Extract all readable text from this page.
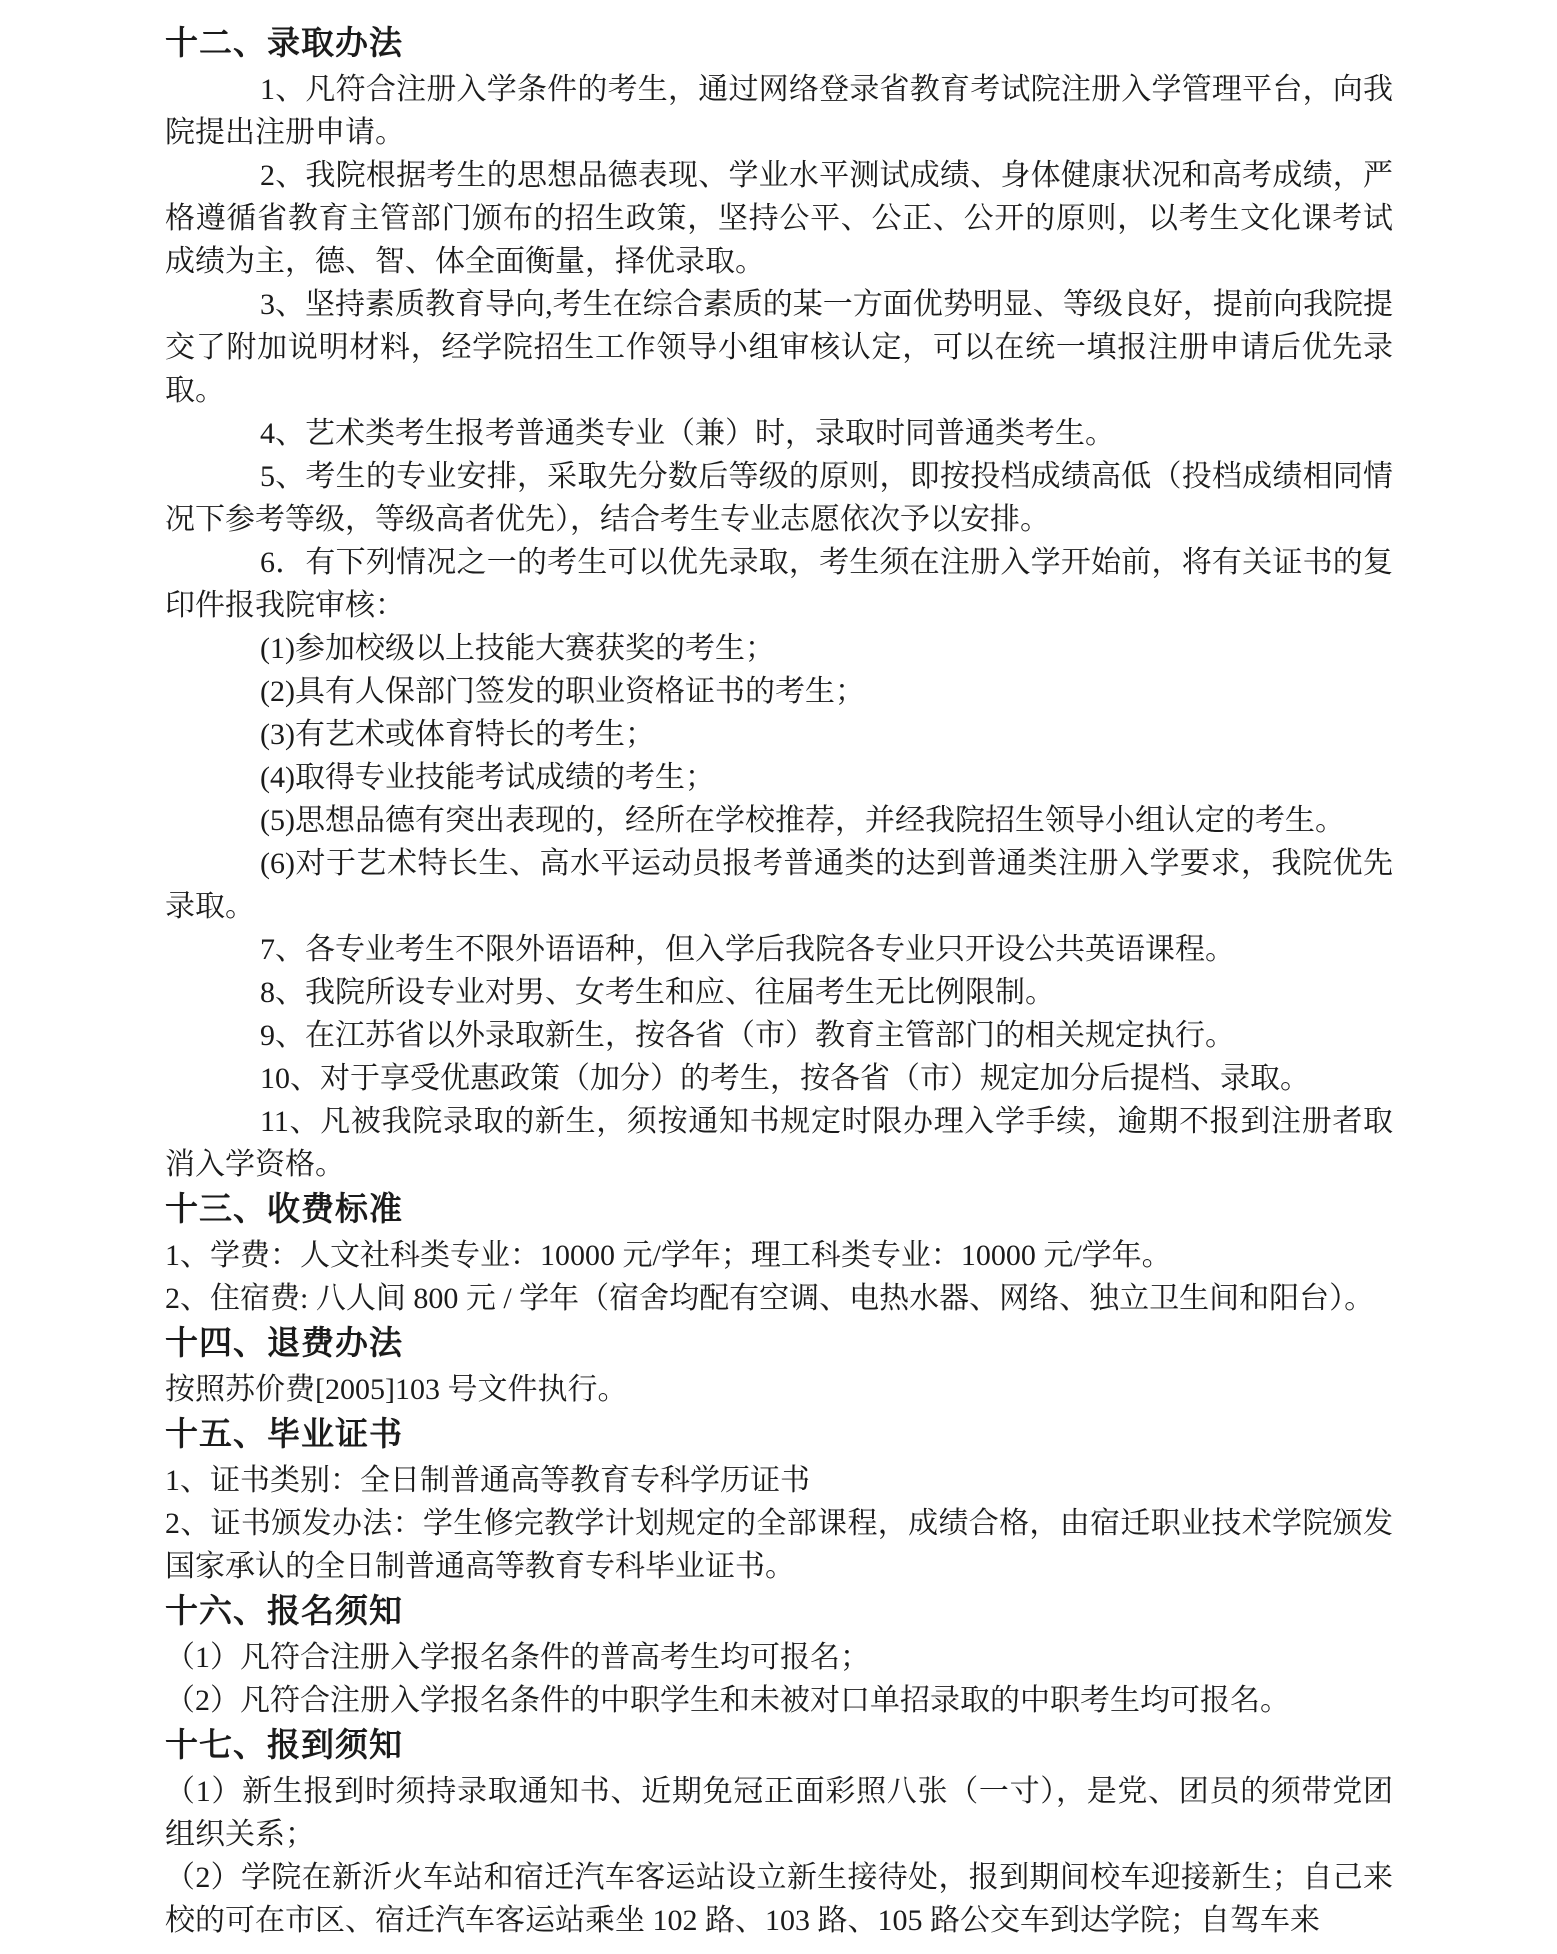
十二、录取办法

1、凡符合注册入学条件的考生，通过网络登录省教育考试院注册入学管理平台，向我院提出注册申请。

2、我院根据考生的思想品德表现、学业水平测试成绩、身体健康状况和高考成绩，严格遵循省教育主管部门颁布的招生政策，坚持公平、公正、公开的原则，以考生文化课考试成绩为主，德、智、体全面衡量，择优录取。

3、坚持素质教育导向,考生在综合素质的某一方面优势明显、等级良好，提前向我院提交了附加说明材料，经学院招生工作领导小组审核认定，可以在统一填报注册申请后优先录取。

4、艺术类考生报考普通类专业（兼）时，录取时同普通类考生。

5、考生的专业安排，采取先分数后等级的原则，即按投档成绩高低（投档成绩相同情况下参考等级，等级高者优先），结合考生专业志愿依次予以安排。

6．有下列情况之一的考生可以优先录取，考生须在注册入学开始前，将有关证书的复印件报我院审核：

(1)参加校级以上技能大赛获奖的考生；

(2)具有人保部门签发的职业资格证书的考生；

(3)有艺术或体育特长的考生；

(4)取得专业技能考试成绩的考生；

(5)思想品德有突出表现的，经所在学校推荐，并经我院招生领导小组认定的考生。

(6)对于艺术特长生、高水平运动员报考普通类的达到普通类注册入学要求，我院优先录取。

7、各专业考生不限外语语种，但入学后我院各专业只开设公共英语课程。

8、我院所设专业对男、女考生和应、往届考生无比例限制。

9、在江苏省以外录取新生，按各省（市）教育主管部门的相关规定执行。

10、对于享受优惠政策（加分）的考生，按各省（市）规定加分后提档、录取。

11、凡被我院录取的新生，须按通知书规定时限办理入学手续，逾期不报到注册者取消入学资格。

十三、收费标准

1、学费：人文社科类专业：10000 元/学年；理工科类专业：10000 元/学年。

2、住宿费: 八人间 800 元 / 学年（宿舍均配有空调、电热水器、网络、独立卫生间和阳台）。

十四、退费办法

按照苏价费[2005]103 号文件执行。

十五、毕业证书

1、证书类别：全日制普通高等教育专科学历证书

2、证书颁发办法：学生修完教学计划规定的全部课程，成绩合格，由宿迁职业技术学院颁发国家承认的全日制普通高等教育专科毕业证书。

十六、报名须知

（1）凡符合注册入学报名条件的普高考生均可报名；

（2）凡符合注册入学报名条件的中职学生和未被对口单招录取的中职考生均可报名。

十七、报到须知

（1）新生报到时须持录取通知书、近期免冠正面彩照八张（一寸），是党、团员的须带党团组织关系；

（2）学院在新沂火车站和宿迁汽车客运站设立新生接待处，报到期间校车迎接新生；自己来校的可在市区、宿迁汽车客运站乘坐 102 路、103 路、105 路公交车到达学院；自驾车来
